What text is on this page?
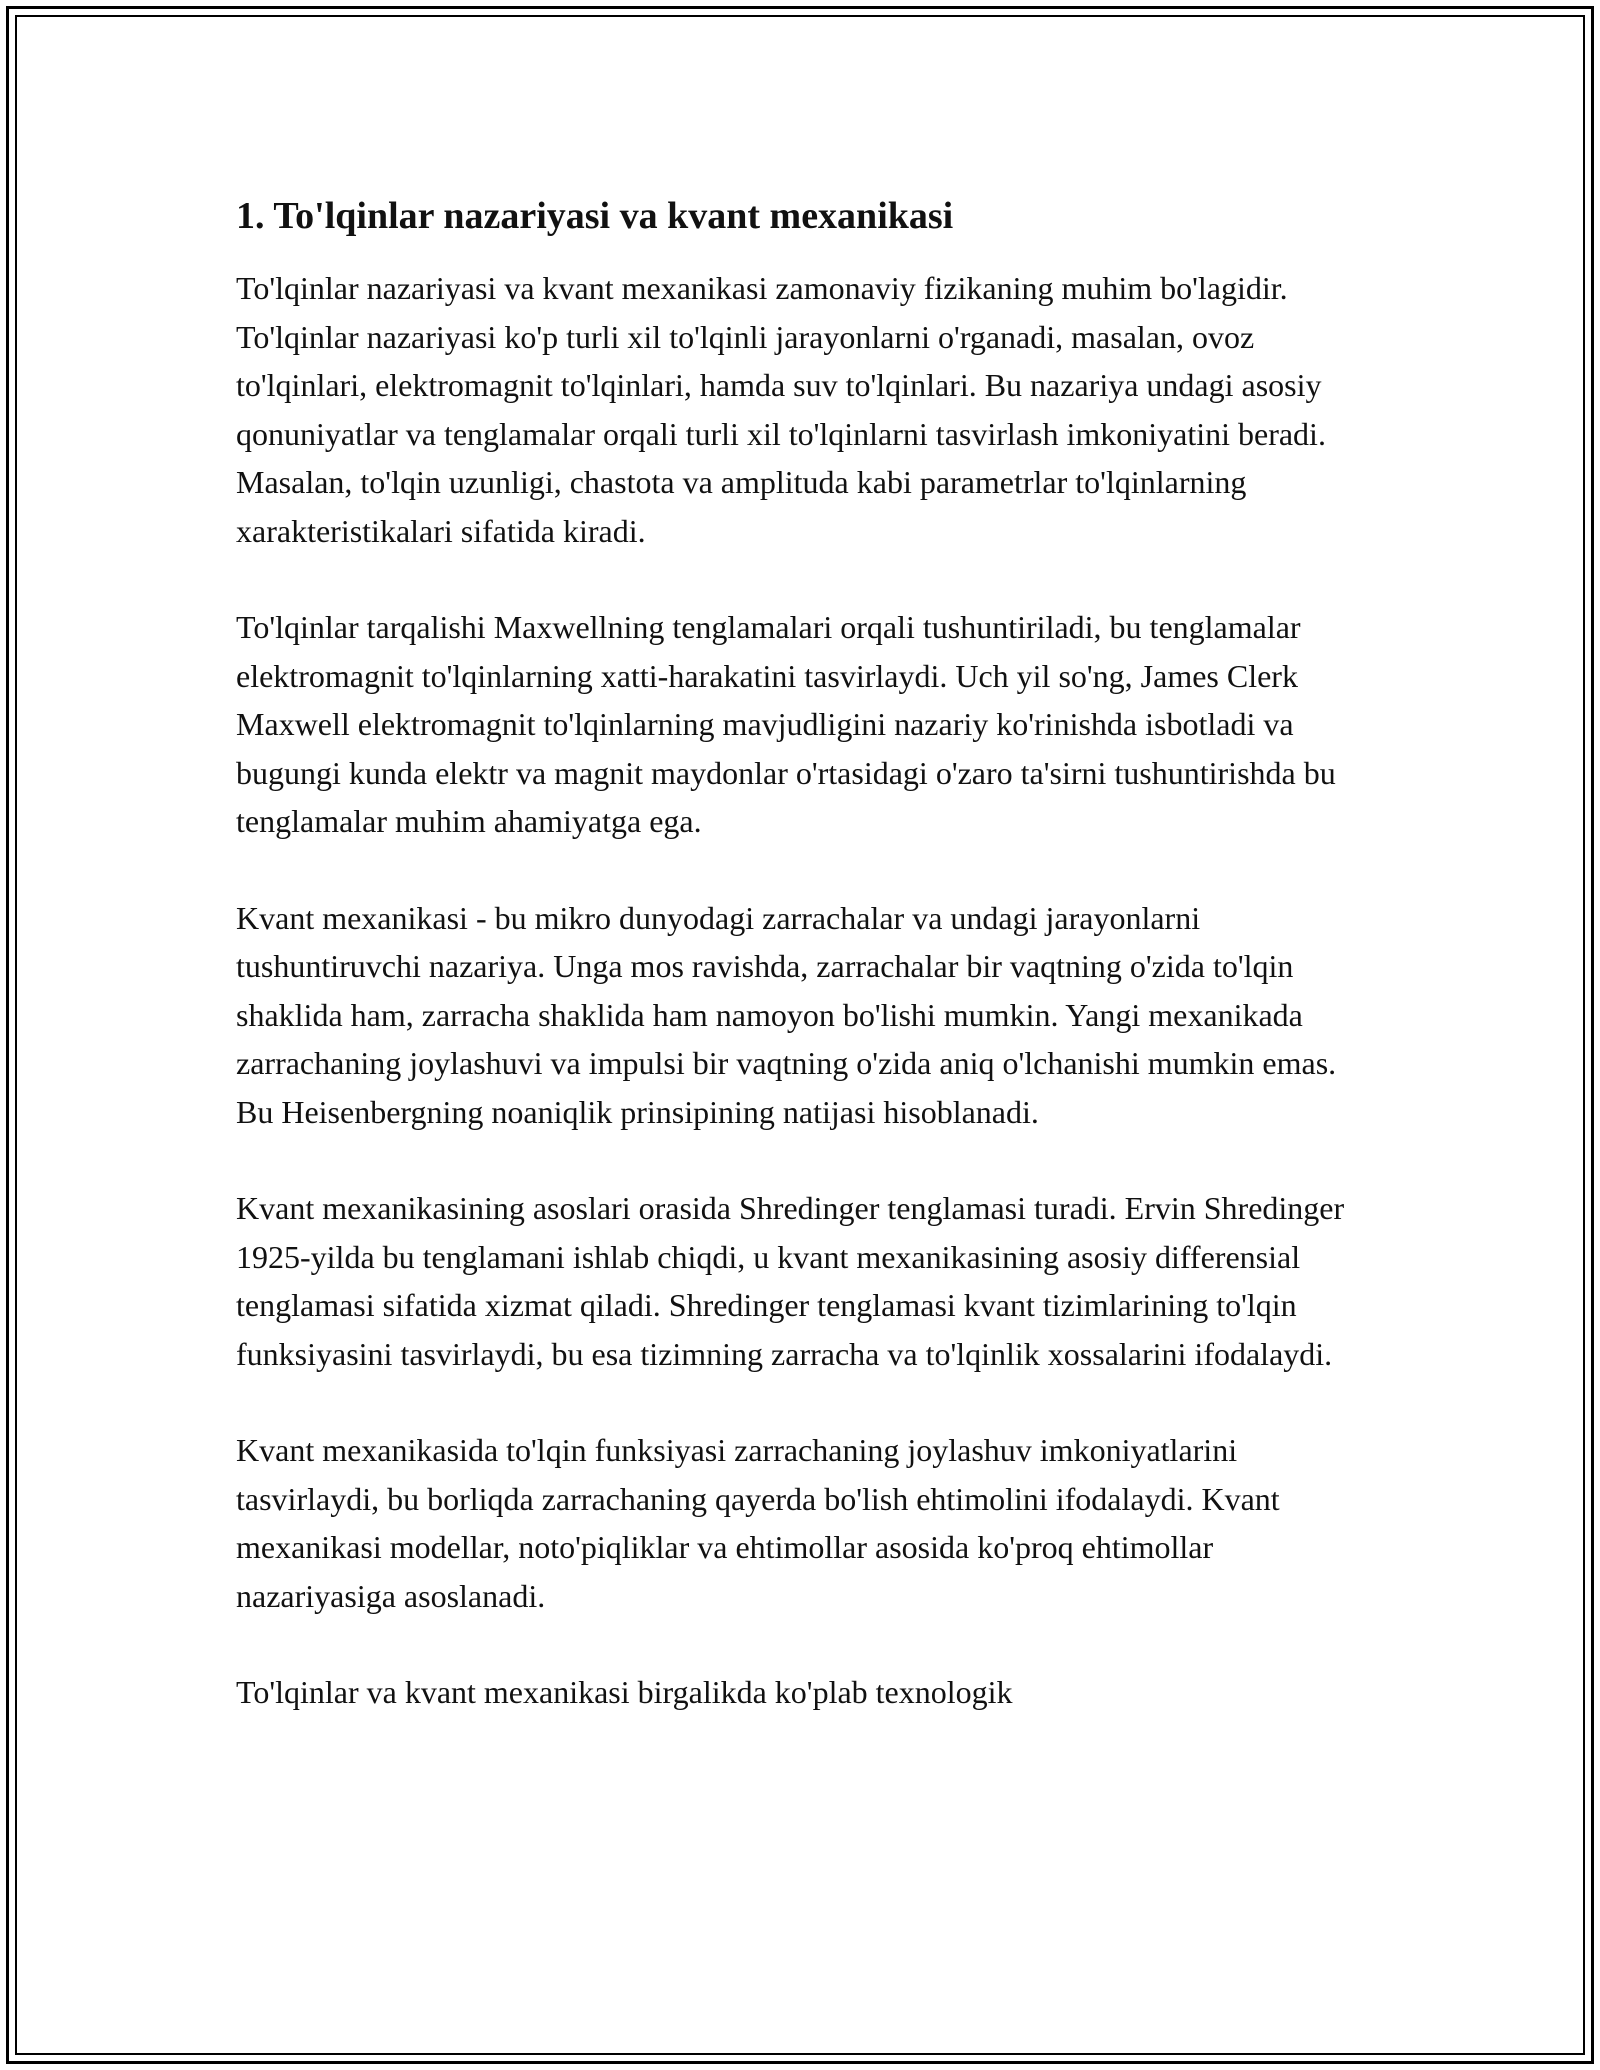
1. To'lqinlar nazariyasi va kvant mexanikasi

To'lqinlar nazariyasi va kvant mexanikasi zamonaviy fizikaning muhim bo'lagidir. To'lqinlar nazariyasi ko'p turli xil to'lqinli jarayonlarni o'rganadi, masalan, ovoz to'lqinlari, elektromagnit to'lqinlari, hamda suv to'lqinlari. Bu nazariya undagi asosiy qonuniyatlar va tenglamalar orqali turli xil to'lqinlarni tasvirlash imkoniyatini beradi. Masalan, to'lqin uzunligi, chastota va amplituda kabi parametrlar to'lqinlarning xarakteristikalari sifatida kiradi.

To'lqinlar tarqalishi Maxwellning tenglamalari orqali tushuntiriladi, bu tenglamalar elektromagnit to'lqinlarning xatti-harakatini tasvirlaydi. Uch yil so'ng, James Clerk Maxwell elektromagnit to'lqinlarning mavjudligini nazariy ko'rinishda isbotladi va bugungi kunda elektr va magnit maydonlar o'rtasidagi o'zaro ta'sirni tushuntirishda bu tenglamalar muhim ahamiyatga ega.

Kvant mexanikasi - bu mikro dunyodagi zarrachalar va undagi jarayonlarni tushuntiruvchi nazariya. Unga mos ravishda, zarrachalar bir vaqtning o'zida to'lqin shaklida ham, zarracha shaklida ham namoyon bo'lishi mumkin. Yangi mexanikada zarrachaning joylashuvi va impulsi bir vaqtning o'zida aniq o'lchanishi mumkin emas. Bu Heisenbergning noaniqlik prinsipining natijasi hisoblanadi.

Kvant mexanikasining asoslari orasida Shredinger tenglamasi turadi. Ervin Shredinger 1925-yilda bu tenglamani ishlab chiqdi, u kvant mexanikasining asosiy differensial tenglamasi sifatida xizmat qiladi. Shredinger tenglamasi kvant tizimlarining to'lqin funksiyasini tasvirlaydi, bu esa tizimning zarracha va to'lqinlik xossalarini ifodalaydi.

Kvant mexanikasida to'lqin funksiyasi zarrachaning joylashuv imkoniyatlarini tasvirlaydi, bu borliqda zarrachaning qayerda bo'lish ehtimolini ifodalaydi. Kvant mexanikasi modellar, noto'piqliklar va ehtimollar asosida ko'proq ehtimollar nazariyasiga asoslanadi.

To'lqinlar va kvant mexanikasi birgalikda ko'plab texnologik
